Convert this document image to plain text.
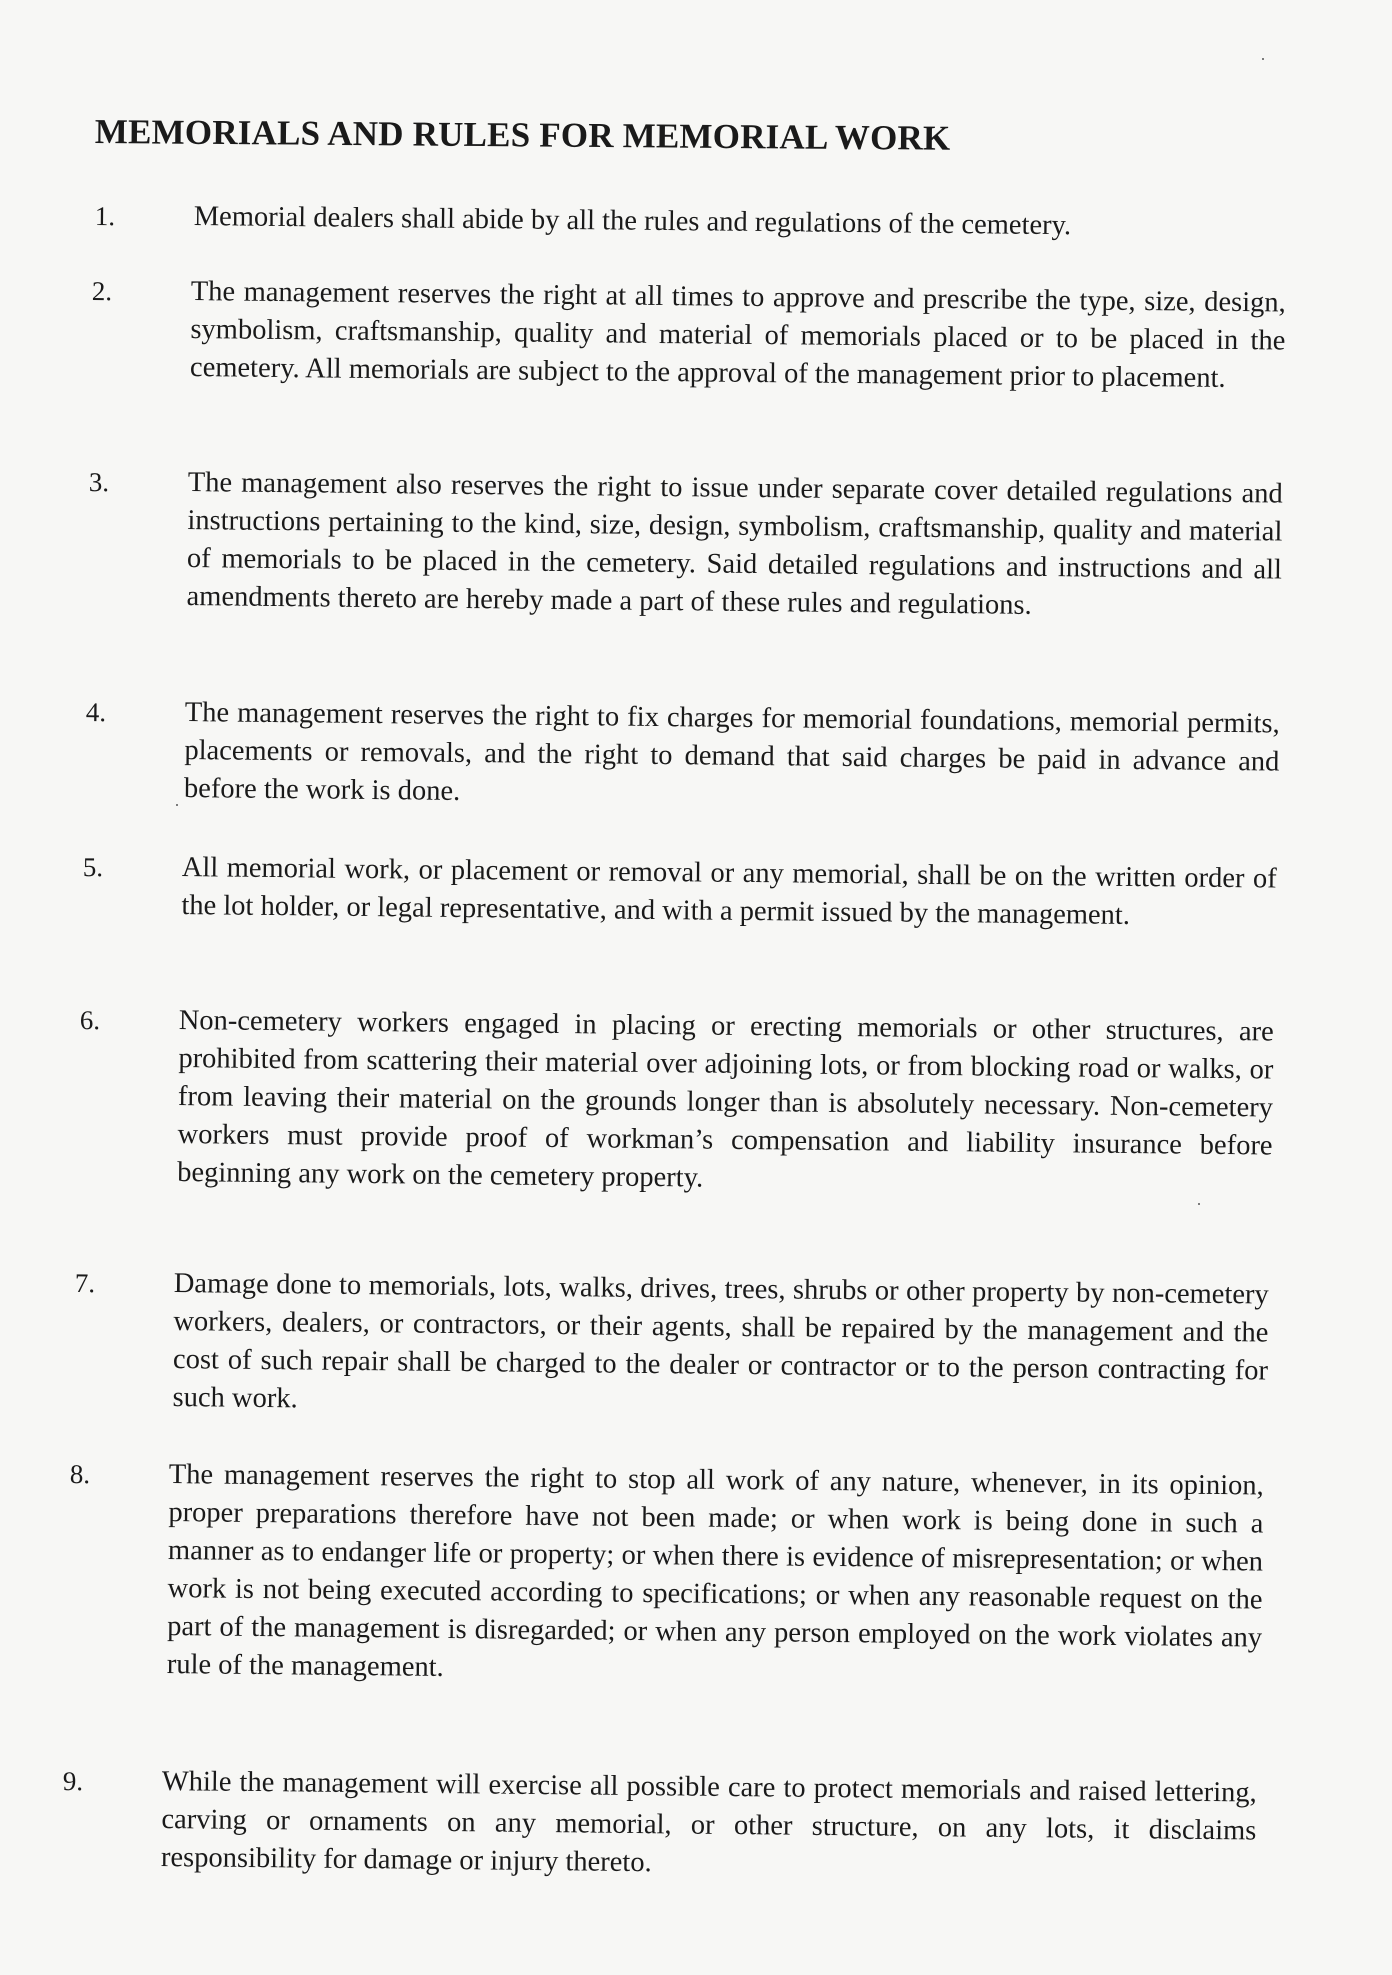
MEMORIALS AND RULES FOR MEMORIAL WORK
1.	Memorial dealers shall abide by all the rules and regulations of the cemetery.
2.	The management reserves the right at all times to approve and prescribe the type, size, design, symbolism, craftsmanship, quality and material of memorials placed or to be placed in the cemetery. All memorials are subject to the approval of the management prior to placement.
3.	The management also reserves the right to issue under separate cover detailed regulations and instructions pertaining to the kind, size, design, symbolism, craftsmanship, quality and material of memorials to be placed in the cemetery. Said detailed regulations and instructions and all amendments thereto are hereby made a part of these rules and regulations.
4.	The management reserves the right to fix charges for memorial foundations, memorial permits, placements or removals, and the right to demand that said charges be paid in advance and before the work is done.
5.	All memorial work, or placement or removal or any memorial, shall be on the written order of the lot holder, or legal representative, and with a permit issued by the management.
6.	Non-cemetery workers engaged in placing or erecting memorials or other structures, are prohibited from scattering their material over adjoining lots, or from blocking road or walks, or from leaving their material on the grounds longer than is absolutely necessary. Non-cemetery workers must provide proof of workman’s compensation and liability insurance before beginning any work on the cemetery property.
7.	Damage done to memorials, lots, walks, drives, trees, shrubs or other property by non-cemetery workers, dealers, or contractors, or their agents, shall be repaired by the management and the cost of such repair shall be charged to the dealer or contractor or to the person contracting for such work.
8.	The management reserves the right to stop all work of any nature, whenever, in its opinion, proper preparations therefore have not been made; or when work is being done in such a manner as to endanger life or property; or when there is evidence of misrepresentation; or when work is not being executed according to specifications; or when any reasonable request on the part of the management is disregarded; or when any person employed on the work violates any rule of the management.
9.	While the management will exercise all possible care to protect memorials and raised lettering, carving or ornaments on any memorial, or other structure, on any lots, it disclaims responsibility for damage or injury thereto.
